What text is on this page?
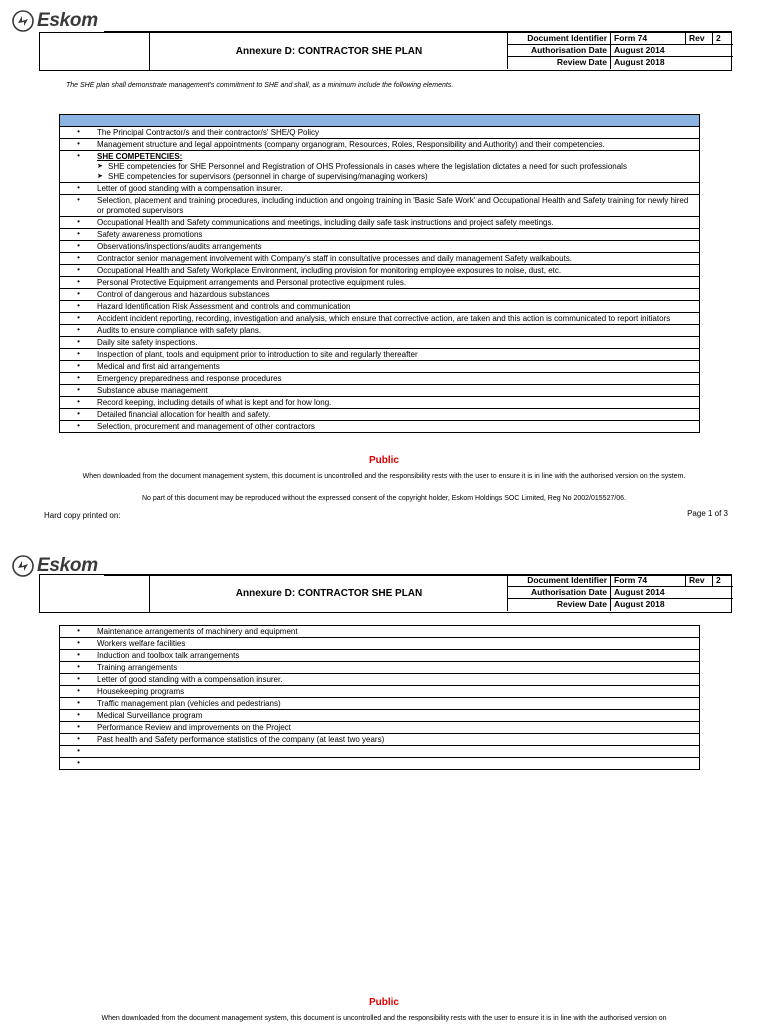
Eskom
Annexure D: CONTRACTOR SHE PLAN
Document Identifier Form 74	Rev	2
Authorisation Date August 2014
Review Date August 2018
The SHE plan shall demonstrate management's commitment to SHE and shall, as a minimum include the following elements.
•	The Principal Contractor/s and their contractor/s' SHE/Q Policy
•	Management structure and legal appointments (company organogram, Resources, Roles, Responsibility and Authority) and their competencies.
•	SHE COMPETENCIES:
➤ SHE competencies for SHE Personnel and Registration of OHS Professionals in cases where the legislation dictates a need for such professionals
➤ SHE competencies for supervisors (personnel in charge of supervising/managing workers)
•	Letter of good standing with a compensation insurer.
•	Selection, placement and training procedures, including induction and ongoing training in 'Basic Safe Work' and Occupational Health and Safety training for newly hired or promoted supervisors
•	Occupational Health and Safety communications and meetings, including daily safe task instructions and project safety meetings.
•	Safety awareness promotions
•	Observations/inspections/audits arrangements
•	Contractor senior management involvement with Company's staff in consultative processes and daily management Safety walkabouts.
•	Occupational Health and Safety Workplace Environment, including provision for monitoring employee exposures to noise, dust, etc.
•	Personal Protective Equipment arrangements and Personal protective equipment rules.
•	Control of dangerous and hazardous substances
•	Hazard Identification Risk Assessment and controls and communication
•	Accident incident reporting, recording, investigation and analysis, which ensure that corrective action, are taken and this action is communicated to report initiators
•	Audits to ensure compliance with safety plans.
•	Daily site safety inspections.
•	Inspection of plant, tools and equipment prior to introduction to site and regularly thereafter
•	Medical and first aid arrangements
•	Emergency preparedness and response procedures
•	Substance abuse management
•	Record keeping, including details of what is kept and for how long.
•	Detailed financial allocation for health and safety.
•	Selection, procurement and management of other contractors
Public
When downloaded from the document management system, this document is uncontrolled and the responsibility rests with the user to ensure it is in line with the authorised version on the system.
No part of this document may be reproduced without the expressed consent of the copyright holder, Eskom Holdings SOC Limited, Reg No 2002/015527/06.
Hard copy printed on:	Page 1 of 3
Eskom
Annexure D: CONTRACTOR SHE PLAN
Document Identifier Form 74	Rev	2
Authorisation Date August 2014
Review Date August 2018
•	Maintenance arrangements of machinery and equipment
•	Workers welfare facilities
•	Induction and toolbox talk arrangements
•	Training arrangements
•	Letter of good standing with a compensation insurer.
•	Housekeeping programs
•	Traffic management plan (vehicles and pedestrians)
•	Medical Surveillance program
•	Performance Review and improvements on the Project
•	Past health and Safety performance statistics of the company (at least two years)
•
•
Public
When downloaded from the document management system, this document is uncontrolled and the responsibility rests with the user to ensure it is in line with the authorised version on
